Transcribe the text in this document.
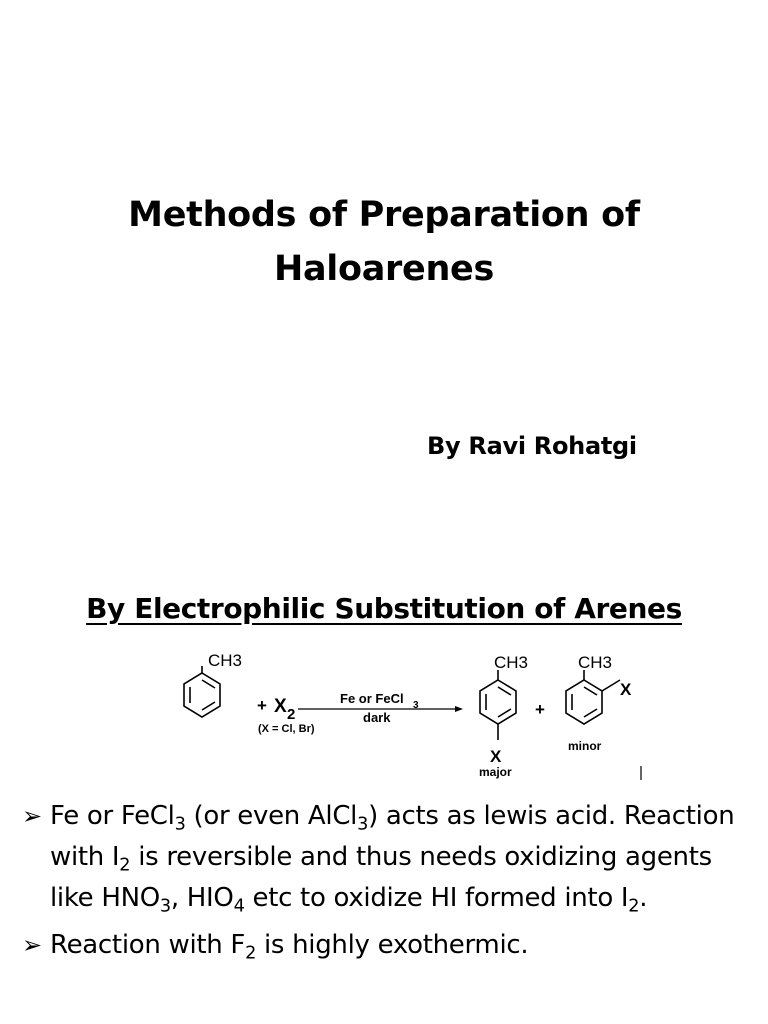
Methods of Preparation of
Haloarenes
By Ravi Rohatgi
By Electrophilic Substitution of Arenes
CH3
+ X 2
(X = Cl, Br)
Fe or FeCl 3
dark
CH3
X
major
+
CH3
X
minor
➢ Fe or FeCl$_3$ (or even AlCl$_3$) acts as lewis acid. Reaction with $I_2$ is reversible and thus needs oxidizing agents like $HNO_3$, $HIO_4$ etc to oxidize HI formed into $I_2$.
➢ Reaction with $F_2$ is highly exothermic.
